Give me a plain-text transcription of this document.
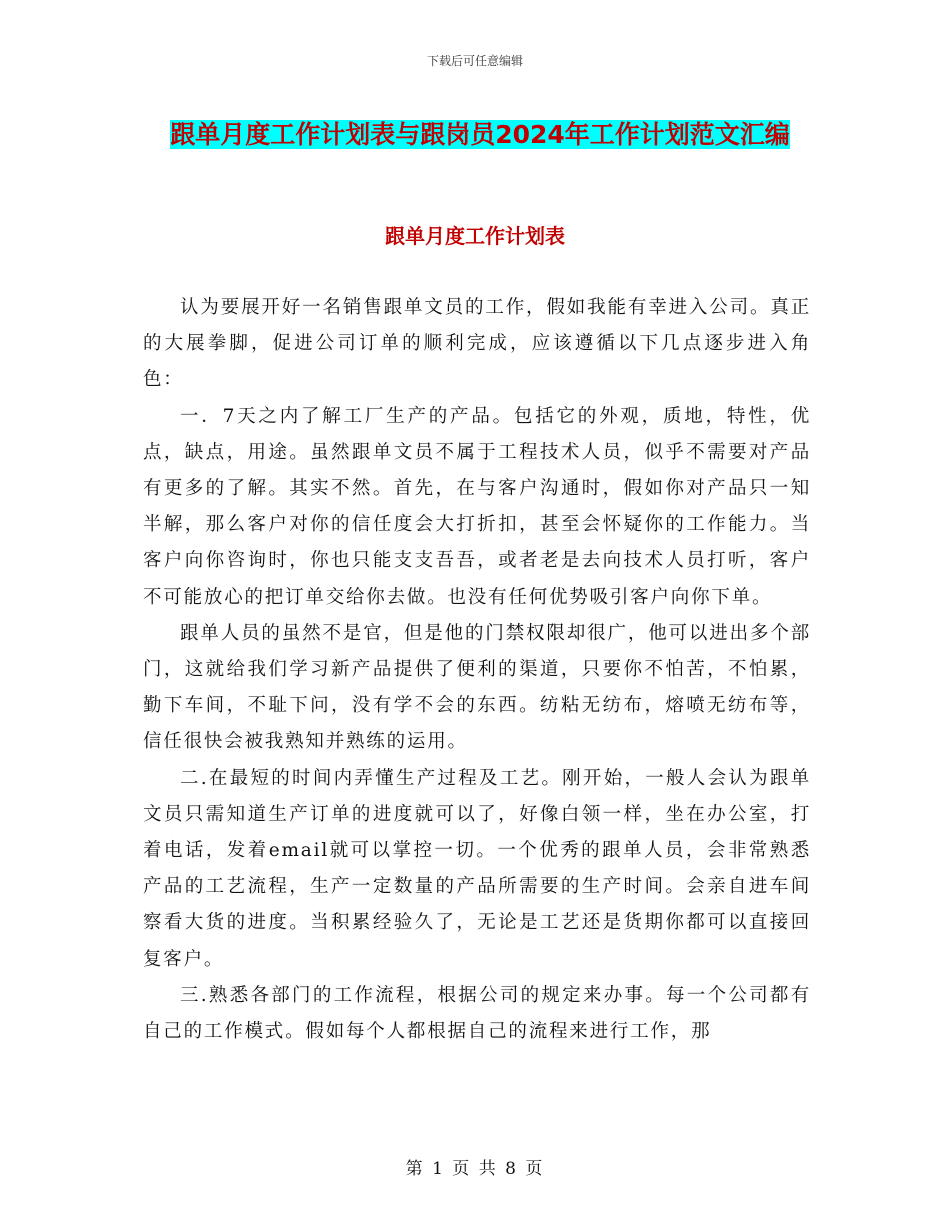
下载后可任意编辑
跟单月度工作计划表与跟岗员2024年工作计划范文汇编
跟单月度工作计划表

认为要展开好一名销售跟单文员的工作，假如我能有幸进入公司。真正的大展拳脚，促进公司订单的顺利完成，应该遵循以下几点逐步进入角色：

一．7天之内了解工厂生产的产品。包括它的外观，质地，特性，优点，缺点，用途。虽然跟单文员不属于工程技术人员，似乎不需要对产品有更多的了解。其实不然。首先，在与客户沟通时，假如你对产品只一知半解，那么客户对你的信任度会大打折扣，甚至会怀疑你的工作能力。当客户向你咨询时，你也只能支支吾吾，或者老是去向技术人员打听，客户不可能放心的把订单交给你去做。也没有任何优势吸引客户向你下单。

跟单人员的虽然不是官，但是他的门禁权限却很广，他可以进出多个部门，这就给我们学习新产品提供了便利的渠道，只要你不怕苦，不怕累，勤下车间，不耻下问，没有学不会的东西。纺粘无纺布，熔喷无纺布等，信任很快会被我熟知并熟练的运用。

二.在最短的时间内弄懂生产过程及工艺。刚开始，一般人会认为跟单文员只需知道生产订单的进度就可以了，好像白领一样，坐在办公室，打着电话，发着email就可以掌控一切。一个优秀的跟单人员，会非常熟悉产品的工艺流程，生产一定数量的产品所需要的生产时间。会亲自进车间察看大货的进度。当积累经验久了，无论是工艺还是货期你都可以直接回复客户。

三.熟悉各部门的工作流程，根据公司的规定来办事。每一个公司都有自己的工作模式。假如每个人都根据自己的流程来进行工作，那

第 1 页 共 8 页
